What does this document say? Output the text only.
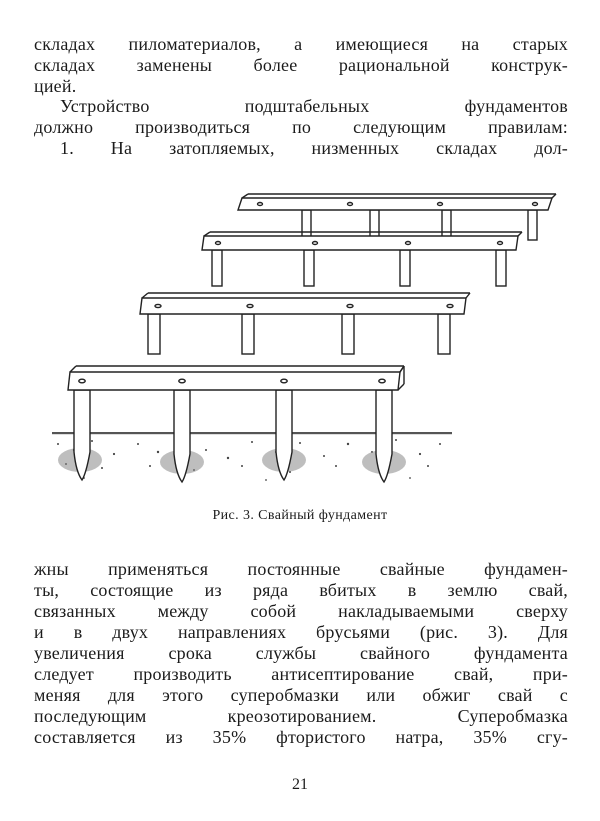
складах пиломатериалов, а имеющиеся на старых
складах заменены более рациональной конструк-
цией.
Устройство подштабельных фундаментов
должно производиться по следующим правилам:
1. На затопляемых, низменных складах дол-
Рис. 3. Свайный фундамент
жны применяться постоянные свайные фундамен-
ты, состоящие из ряда вбитых в землю свай,
связанных между собой накладываемыми сверху
и в двух направлениях брусьями (рис. 3). Для
увеличения срока службы свайного фундамента
следует производить антисептирование свай, при-
меняя для этого суперобмазки или обжиг свай с
последующим креозотированием. Суперобмазка
составляется из 35% фтористого натра, 35% сгу-
21
